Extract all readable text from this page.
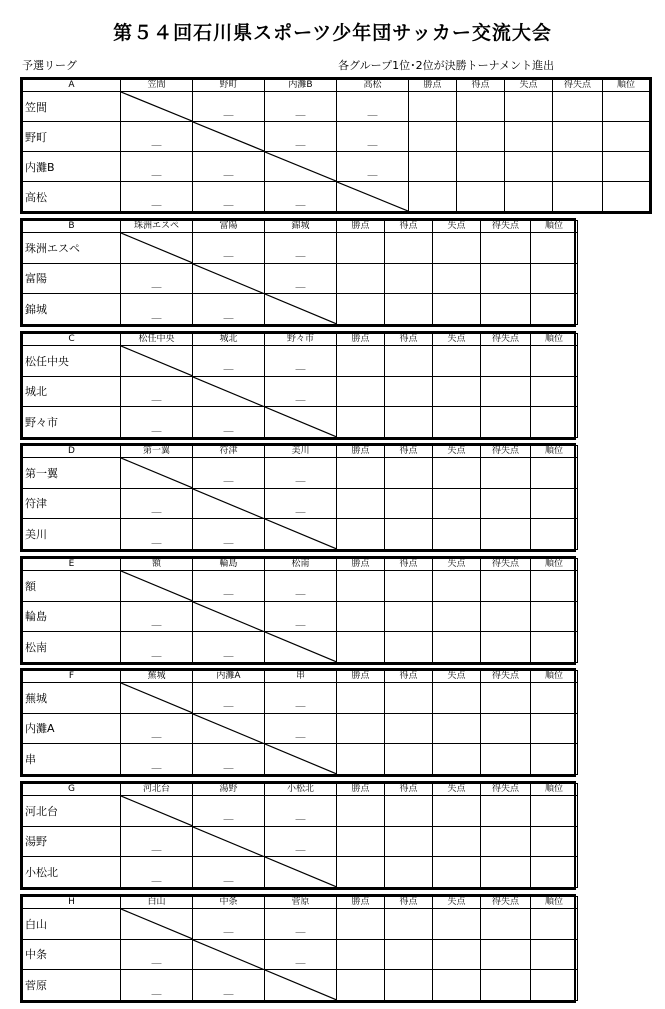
第５４回石川県スポーツ少年団サッカー交流大会
予選リーグ	各グループ1位･2位が決勝トーナメント進出
A	笠間	野町	内灘B	高松	勝点	得点	失点	得失点	順位
笠間		＿	＿	＿					
野町	＿		＿	＿					
内灘B	＿	＿		＿					
高松	＿	＿	＿	

B	珠洲エスペ	富陽	錦城	勝点	得点	失点	得失点	順位
珠洲エスペ		＿	＿					
富陽	＿		＿					
錦城	＿	＿	

C	松任中央	城北	野々市	勝点	得点	失点	得失点	順位
松任中央		＿	＿					
城北	＿		＿					
野々市	＿	＿	

D	第一翼	符津	美川	勝点	得点	失点	得失点	順位
第一翼		＿	＿					
符津	＿		＿					
美川	＿	＿	

E	額	輪島	松南	勝点	得点	失点	得失点	順位
額		＿	＿					
輪島	＿		＿					
松南	＿	＿	

F	蕪城	内灘A	串	勝点	得点	失点	得失点	順位
蕪城		＿	＿					
内灘A	＿		＿					
串	＿	＿	

G	河北台	湯野	小松北	勝点	得点	失点	得失点	順位
河北台		＿	＿					
湯野	＿		＿					
小松北	＿	＿	

H	白山	中条	菅原	勝点	得点	失点	得失点	順位
白山		＿	＿					
中条	＿		＿					
菅原	＿	＿	
